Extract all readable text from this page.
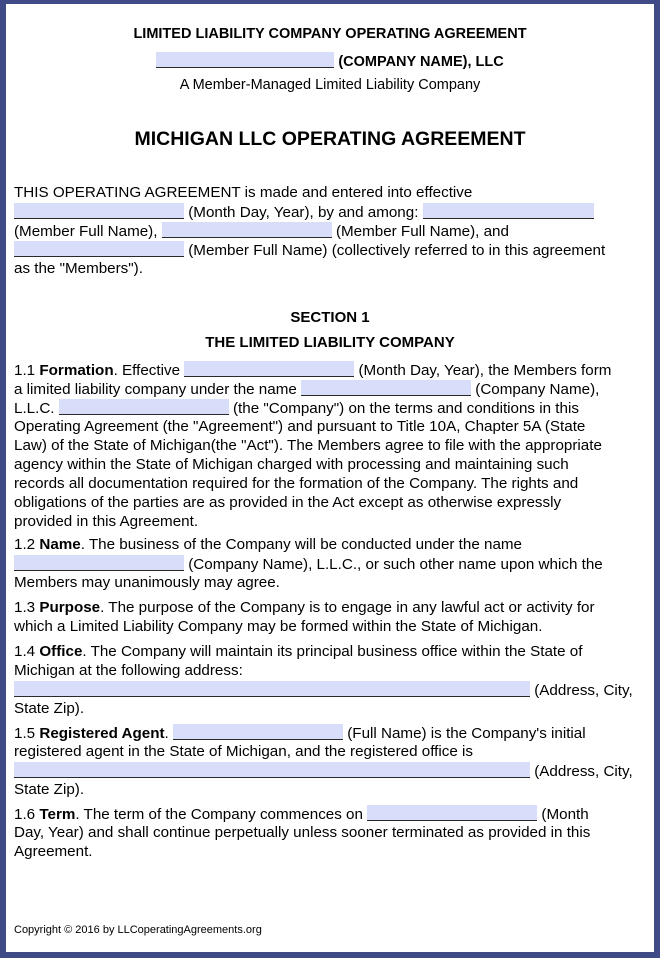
LIMITED LIABILITY COMPANY OPERATING AGREEMENT
(COMPANY NAME), LLC
A Member-Managed Limited Liability Company
MICHIGAN LLC OPERATING AGREEMENT
THIS OPERATING AGREEMENT is made and entered into effective
(Month Day, Year), by and among:
(Member Full Name),	(Member Full Name), and
(Member Full Name) (collectively referred to in this agreement
as the "Members").
SECTION 1
THE LIMITED LIABILITY COMPANY
1.1 Formation. Effective	(Month Day, Year), the Members form
a limited liability company under the name	(Company Name),
L.L.C.	(the "Company") on the terms and conditions in this
Operating Agreement (the "Agreement") and pursuant to Title 10A, Chapter 5A (State
Law) of the State of Michigan(the "Act"). The Members agree to file with the appropriate
agency within the State of Michigan charged with processing and maintaining such
records all documentation required for the formation of the Company. The rights and
obligations of the parties are as provided in the Act except as otherwise expressly
provided in this Agreement.
1.2 Name. The business of the Company will be conducted under the name
(Company Name), L.L.C., or such other name upon which the
Members may unanimously may agree.
1.3 Purpose. The purpose of the Company is to engage in any lawful act or activity for
which a Limited Liability Company may be formed within the State of Michigan.
1.4 Office. The Company will maintain its principal business office within the State of
Michigan at the following address:
(Address, City,
State Zip).
1.5 Registered Agent.	(Full Name) is the Company's initial
registered agent in the State of Michigan, and the registered office is
(Address, City,
State Zip).
1.6 Term. The term of the Company commences on	(Month
Day, Year) and shall continue perpetually unless sooner terminated as provided in this
Agreement.
Copyright © 2016 by LLCoperatingAgreements.org
